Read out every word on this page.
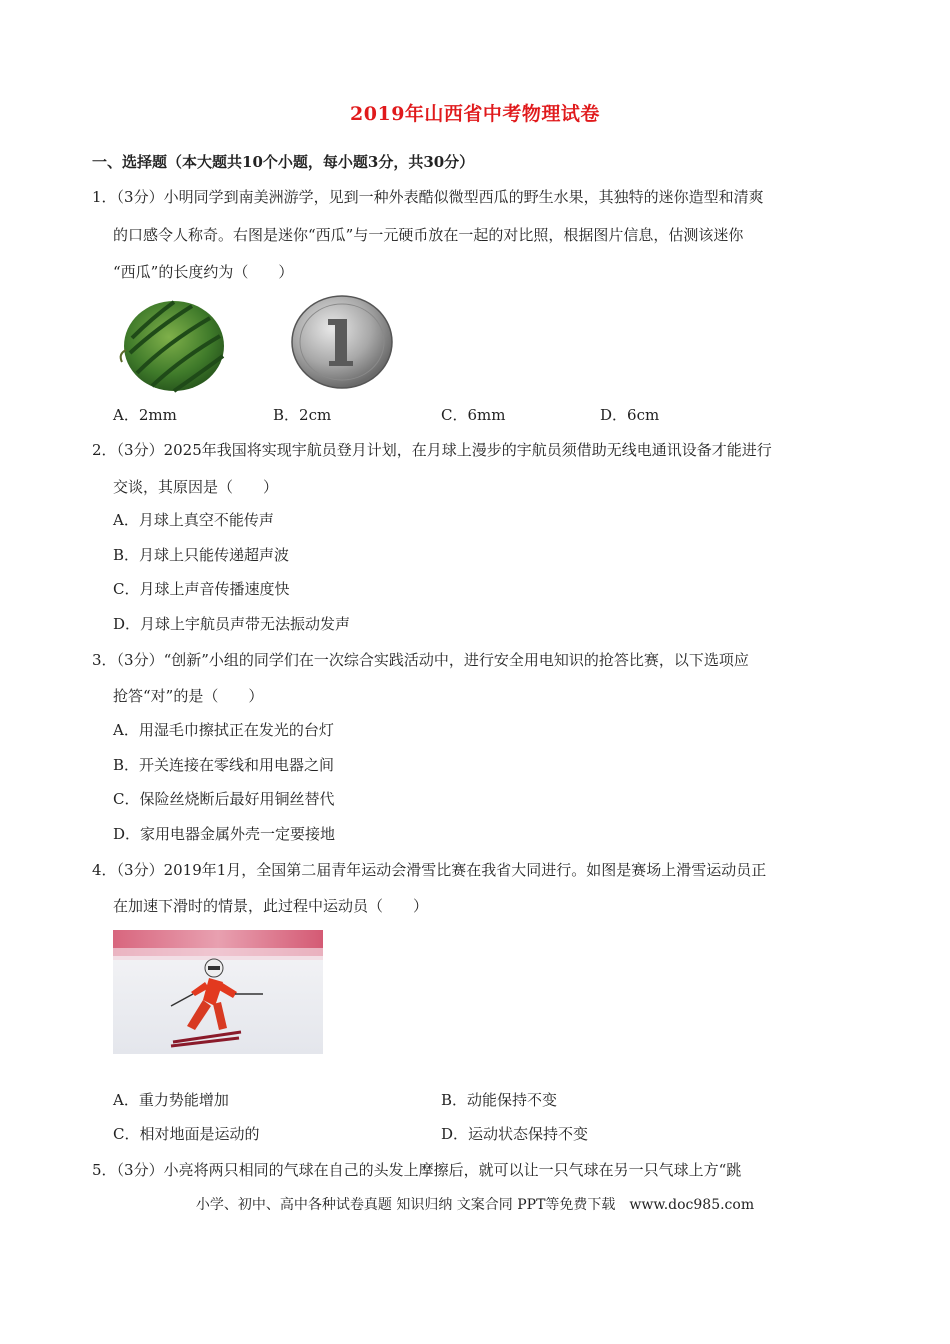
2019年山西省中考物理试卷
一、选择题（本大题共10个小题，每小题3分，共30分）
1．（3分）小明同学到南美洲游学，见到一种外表酷似微型西瓜的野生水果，其独特的迷你造型和清爽
的口感令人称奇。右图是迷你“西瓜”与一元硬币放在一起的对比照，根据图片信息，估测该迷你
“西瓜”的长度约为（　　）
A．2mm	B．2cm	C．6mm	D．6cm
2．（3分）2025年我国将实现宇航员登月计划，在月球上漫步的宇航员须借助无线电通讯设备才能进行
交谈，其原因是（　　）
A．月球上真空不能传声
B．月球上只能传递超声波
C．月球上声音传播速度快
D．月球上宇航员声带无法振动发声
3．（3分）“创新”小组的同学们在一次综合实践活动中，进行安全用电知识的抢答比赛，以下选项应
抢答“对”的是（　　）
A．用湿毛巾擦拭正在发光的台灯
B．开关连接在零线和用电器之间
C．保险丝烧断后最好用铜丝替代
D．家用电器金属外壳一定要接地
4．（3分）2019年1月，全国第二届青年运动会滑雪比赛在我省大同进行。如图是赛场上滑雪运动员正
在加速下滑时的情景，此过程中运动员（　　）
A．重力势能增加	B．动能保持不变
C．相对地面是运动的	D．运动状态保持不变
5．（3分）小亮将两只相同的气球在自己的头发上摩擦后，就可以让一只气球在另一只气球上方“跳
小学、初中、高中各种试卷真题 知识归纳 文案合同 PPT等免费下载　www.doc985.com
